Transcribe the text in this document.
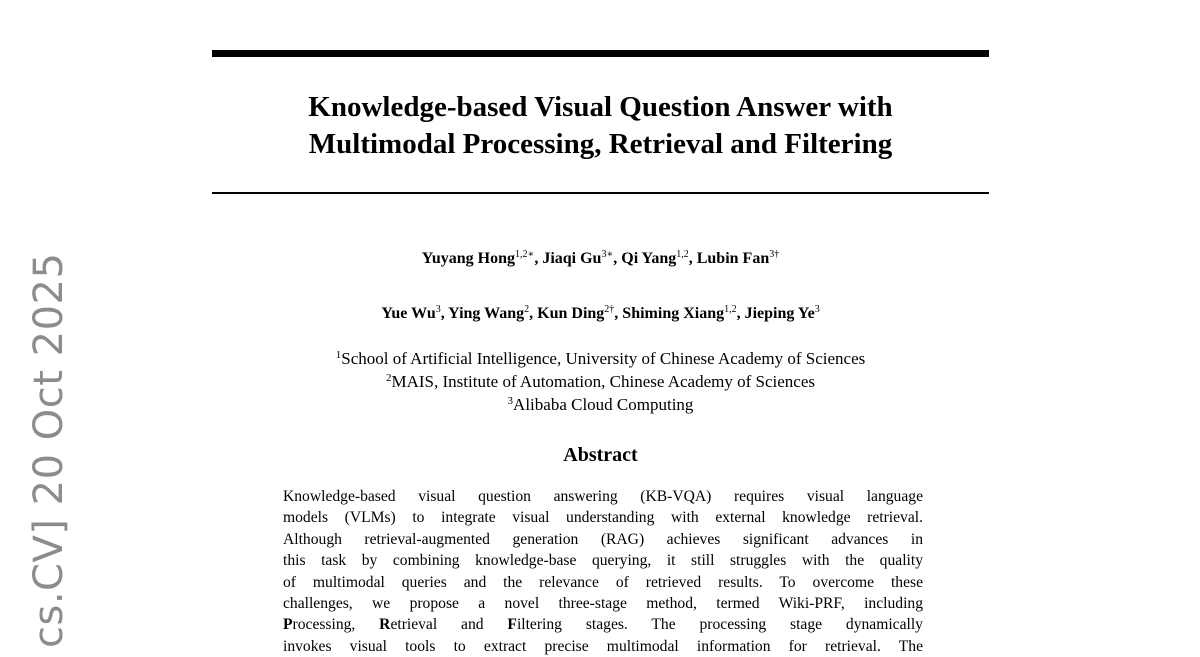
cs.CV] 20 Oct 2025
Knowledge-based Visual Question Answer with
Multimodal Processing, Retrieval and Filtering
Yuyang Hong$^{1,2∗}$, Jiaqi $Gu^{3∗}$, Qi Yang$^{1,2}$, Lubin Fan$^{3\dagger}$
Yue Wu$^3$, Ying Wang$^2$, Kun Ding$^{2\dagger}$, Shiming Xiang$^{1,2}$, Jieping Ye$^3$
$^1$School of Artificial Intelligence, University of Chinese Academy of Sciences
$^2$MAIS, Institute of Automation, Chinese Academy of Sciences
$^3$Alibaba Cloud Computing
Abstract
Knowledge-based visual question answering (KB-VQA) requires visual language
models (VLMs) to integrate visual understanding with external knowledge retrieval.
Although retrieval-augmented generation (RAG) achieves significant advances in
this task by combining knowledge-base querying, it still struggles with the quality
of multimodal queries and the relevance of retrieved results. To overcome these
challenges, we propose a novel three-stage method, termed Wiki-PRF, including
Processing, Retrieval and Filtering stages. The processing stage dynamically
invokes visual tools to extract precise multimodal information for retrieval. The
